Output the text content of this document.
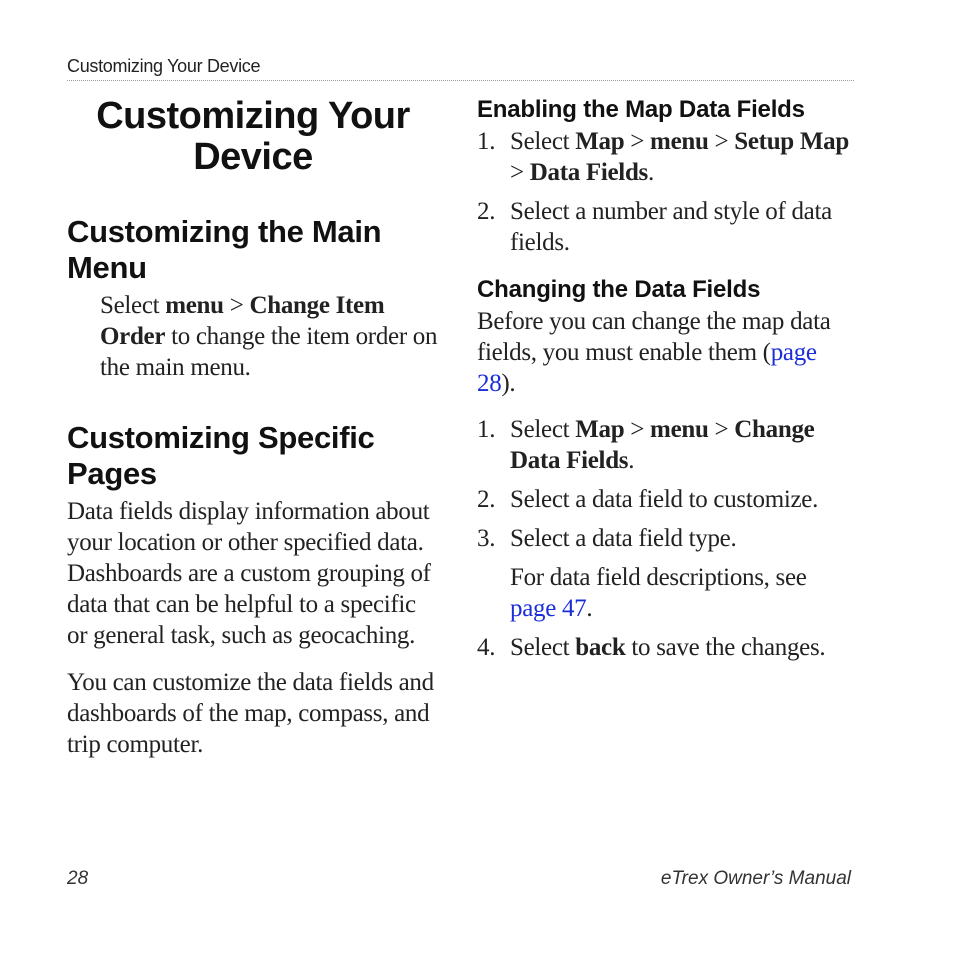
Customizing Your Device
Customizing Your
Device
Customizing the Main
Menu

Select menu > Change Item Order to change the item order on the main menu.

Customizing Specific
Pages

Data fields display information about your location or other specified data. Dashboards are a custom grouping of data that can be helpful to a specific or general task, such as geocaching.

You can customize the data fields and dashboards of the map, compass, and trip computer.

Enabling the Map Data Fields
1. Select Map > menu > Setup Map > Data Fields.
2. Select a number and style of data fields.
Changing the Data Fields

Before you can change the map data fields, you must enable them (page 28).

1. Select Map > menu > Change Data Fields.
2. Select a data field to customize.
3. Select a data field type.
For data field descriptions, see page 47.
4. Select back to save the changes.
28	eTrex Owner’s Manual
